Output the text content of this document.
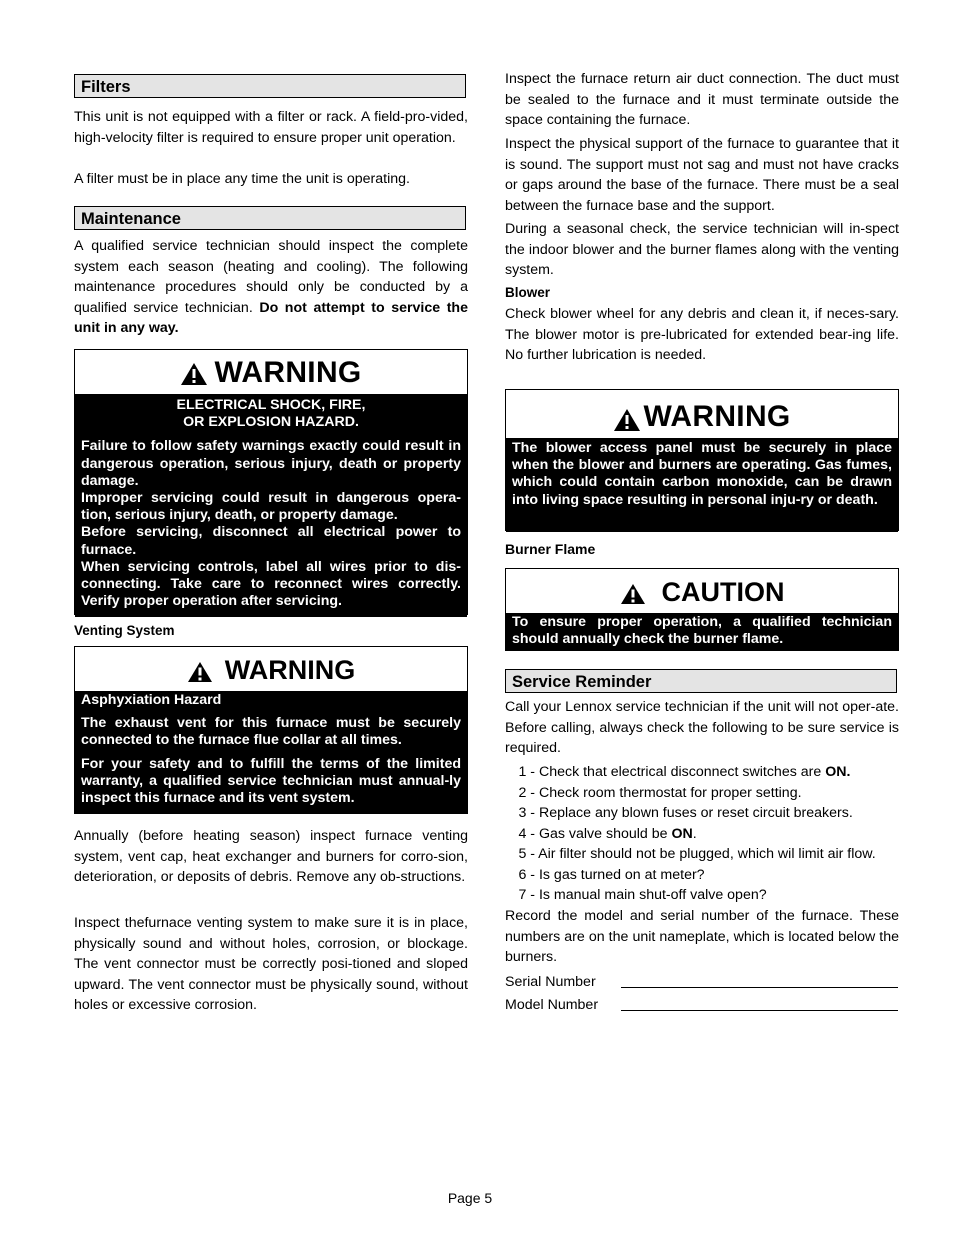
Filters

This unit is not equipped with a filter or rack. A field-pro-vided, high-velocity filter is required to ensure proper unit operation.

A filter must be in place any time the unit is operating.

Maintenance

A qualified service technician should inspect the complete system each season (heating and cooling). The following maintenance procedures should only be conducted by a qualified service technician. Do not attempt to service the unit in any way.

WARNING

ELECTRICAL SHOCK, FIRE,

OR EXPLOSION HAZARD.

Failure to follow safety warnings exactly could result in dangerous operation, serious injury, death or property damage.

Improper servicing could result in dangerous opera-tion, serious injury, death, or property damage.

Before servicing, disconnect all electrical power to furnace.

When servicing controls, label all wires prior to dis-connecting. Take care to reconnect wires correctly. Verify proper operation after servicing.

Venting System
WARNING

Asphyxiation Hazard

The exhaust vent for this furnace must be securely connected to the furnace flue collar at all times.

For your safety and to fulfill the terms of the limited warranty, a qualified service technician must annual-ly inspect this furnace and its vent system.

Annually (before heating season) inspect furnace venting system, vent cap, heat exchanger and burners for corro-sion, deterioration, or deposits of debris. Remove any ob-structions.

Inspect thefurnace venting system to make sure it is in place, physically sound and without holes, corrosion, or blockage. The vent connector must be correctly posi-tioned and sloped upward. The vent connector must be physically sound, without holes or excessive corrosion.

Inspect the furnace return air duct connection. The duct must be sealed to the furnace and it must terminate outside the space containing the furnace.

Inspect the physical support of the furnace to guarantee that it is sound. The support must not sag and must not have cracks or gaps around the base of the furnace. There must be a seal between the furnace base and the support.

During a seasonal check, the service technician will in-spect the indoor blower and the burner flames along with the venting system.

Blower

Check blower wheel for any debris and clean it, if neces-sary. The blower motor is pre-lubricated for extended bear-ing life. No further lubrication is needed.

WARNING

The blower access panel must be securely in place when the blower and burners are operating. Gas fumes, which could contain carbon monoxide, can be drawn into living space resulting in personal inju-ry or death.

Burner Flame
CAUTION

To ensure proper operation, a qualified technician should annually check the burner flame.

Service Reminder

Call your Lennox service technician if the unit will not oper-ate. Before calling, always check the following to be sure service is required.

1 - Check that electrical disconnect switches are ON.
2 - Check room thermostat for proper setting.
3 - Replace any blown fuses or reset circuit breakers.
4 - Gas valve should be ON.
5 - Air filter should not be plugged, which wil limit air flow.
6 - Is gas turned on at meter?
7 - Is manual main shut-off valve open?

Record the model and serial number of the furnace. These numbers are on the unit nameplate, which is located below the burners.

Serial Number
Model Number
Page 5
